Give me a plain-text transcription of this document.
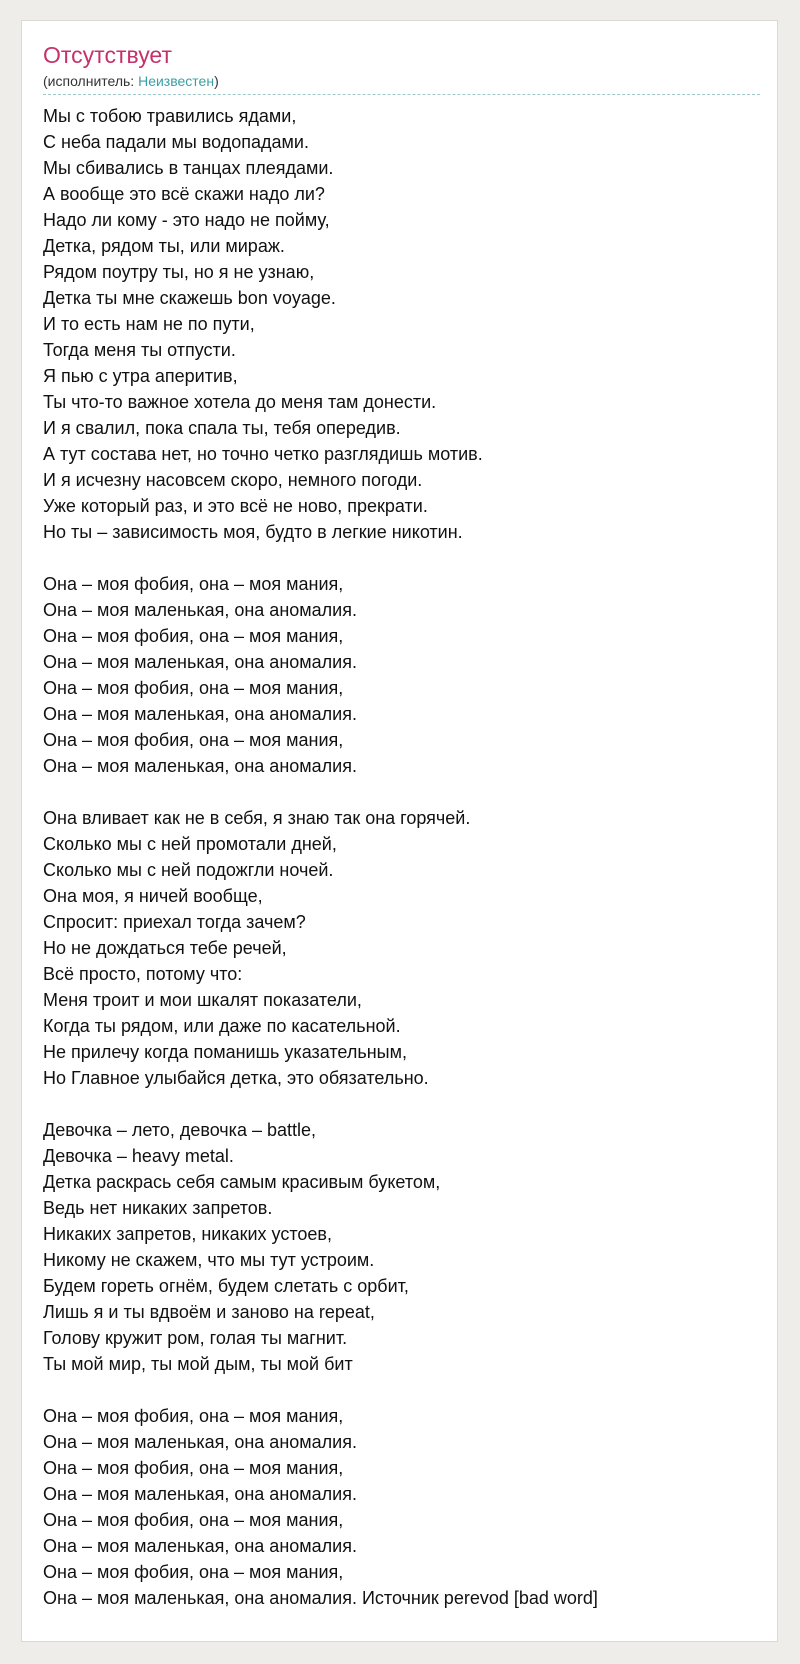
Отсутствует
(исполнитель: Неизвестен)
Мы с тобою травились ядами,
С неба падали мы водопадами.
Мы сбивались в танцах плеядами.
А вообще это всё скажи надо ли?
Надо ли кому - это надо не пойму,
Детка, рядом ты, или мираж.
Рядом поутру ты, но я не узнаю,
Детка ты мне скажешь bon voyage.
И то есть нам не по пути,
Тогда меня ты отпусти.
Я пью с утра аперитив,
Ты что-то важное хотела до меня там донести.
И я свалил, пока спала ты, тебя опередив.
А тут состава нет, но точно четко разглядишь мотив.
И я исчезну насовсем скоро, немного погоди.
Уже который раз, и это всё не ново, прекрати.
Но ты – зависимость моя, будто в легкие никотин.
Она – моя фобия, она – моя мания,
Она – моя маленькая, она аномалия.
Она – моя фобия, она – моя мания,
Она – моя маленькая, она аномалия.
Она – моя фобия, она – моя мания,
Она – моя маленькая, она аномалия.
Она – моя фобия, она – моя мания,
Она – моя маленькая, она аномалия.
Она вливает как не в себя, я знаю так она горячей.
Сколько мы с ней промотали дней,
Сколько мы с ней подожгли ночей.
Она моя, я ничей вообще,
Спросит: приехал тогда зачем?
Но не дождаться тебе речей,
Всё просто, потому что:
Меня троит и мои шкалят показатели,
Когда ты рядом, или даже по касательной.
Не прилечу когда поманишь указательным,
Но Главное улыбайся детка, это обязательно.
Девочка – лето, девочка – battle,
Девочка – heavy metal.
Детка раскрась себя самым красивым букетом,
Ведь нет никаких запретов.
Никаких запретов, никаких устоев,
Никому не скажем, что мы тут устроим.
Будем гореть огнём, будем слетать с орбит,
Лишь я и ты вдвоём и заново на repeat,
Голову кружит ром, голая ты магнит.
Ты мой мир, ты мой дым, ты мой бит
Она – моя фобия, она – моя мания,
Она – моя маленькая, она аномалия.
Она – моя фобия, она – моя мания,
Она – моя маленькая, она аномалия.
Она – моя фобия, она – моя мания,
Она – моя маленькая, она аномалия.
Она – моя фобия, она – моя мания,
Она – моя маленькая, она аномалия. Источник perevod [bad word]
